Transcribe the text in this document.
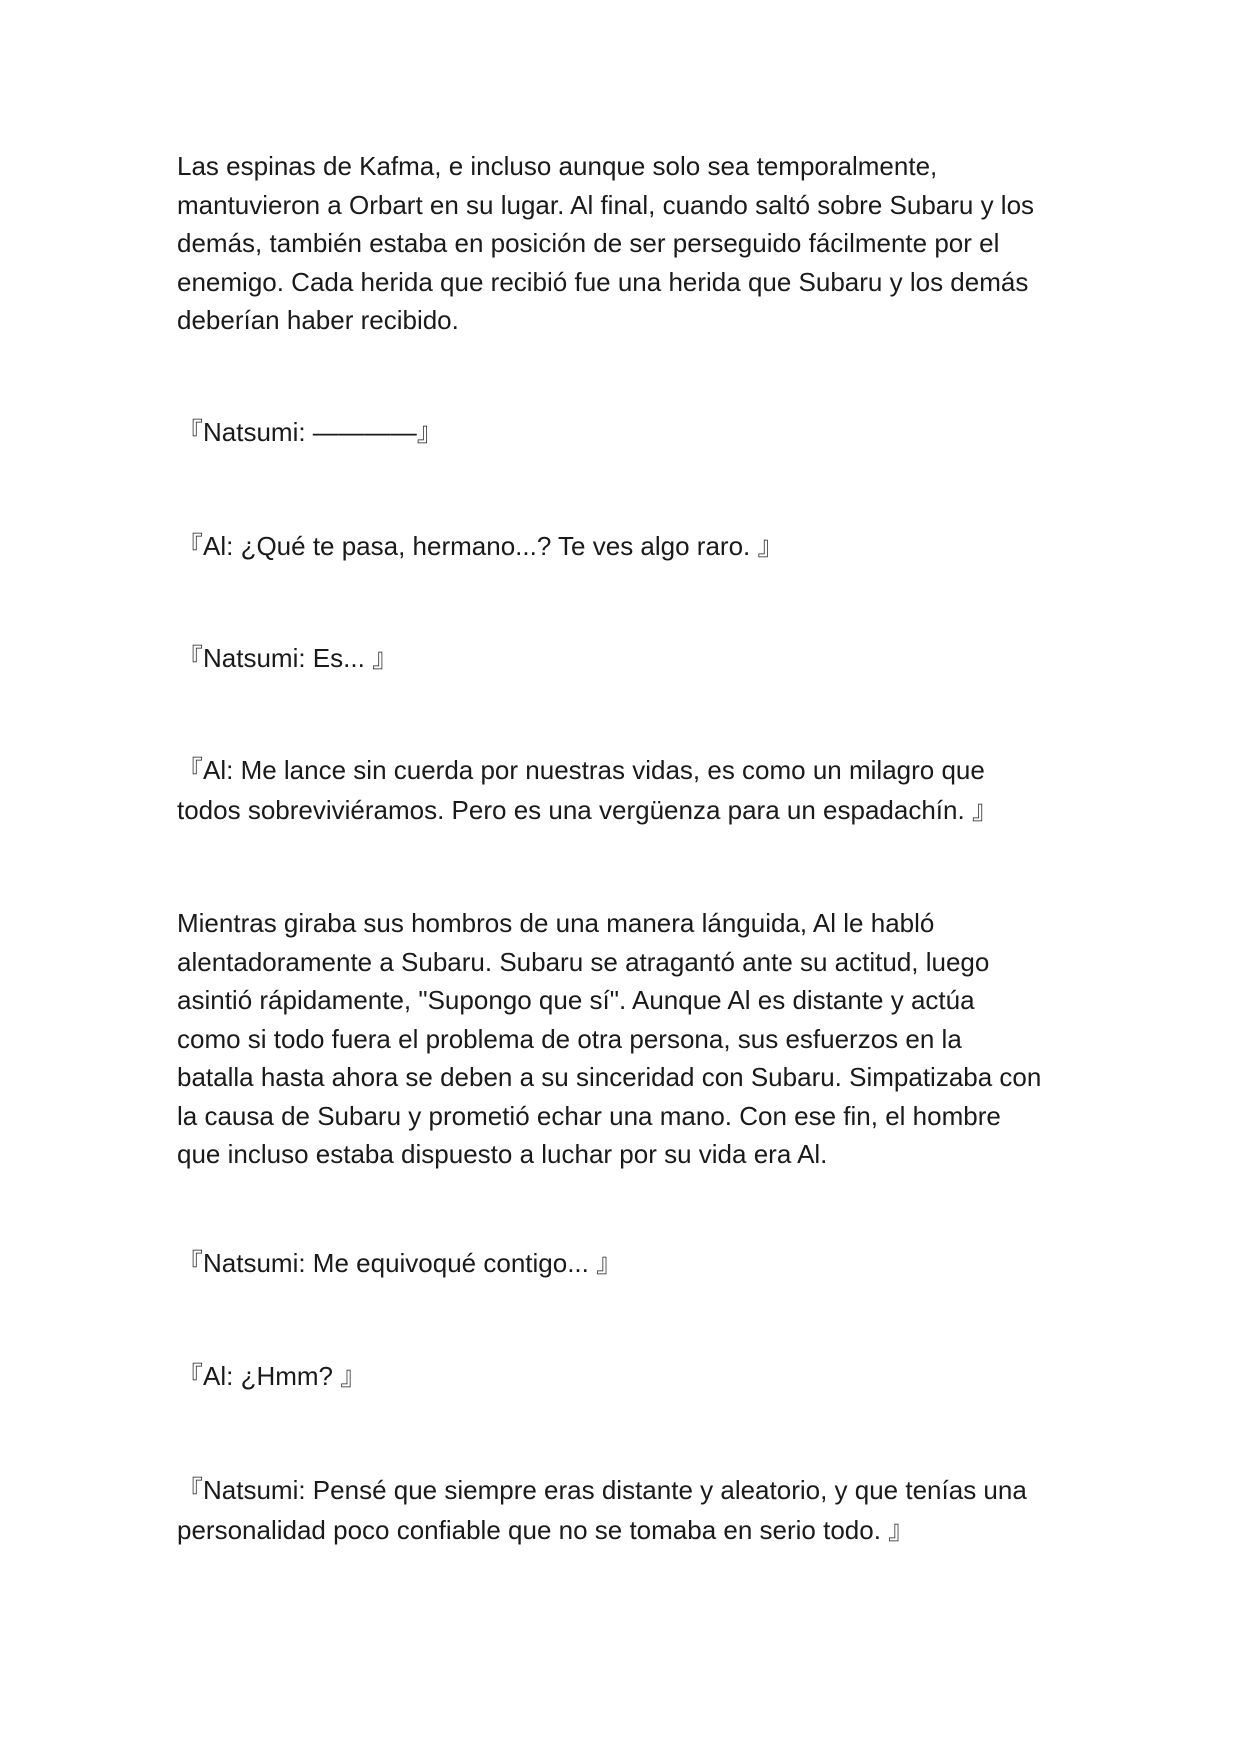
Las espinas de Kafma, e incluso aunque solo sea temporalmente,
mantuvieron a Orbart en su lugar. Al final, cuando saltó sobre Subaru y los
demás, también estaba en posición de ser perseguido fácilmente por el
enemigo. Cada herida que recibió fue una herida que Subaru y los demás
deberían haber recibido.
『Natsumi: ————』
『Al: ¿Qué te pasa, hermano...? Te ves algo raro. 』
『Natsumi: Es... 』
『Al: Me lance sin cuerda por nuestras vidas, es como un milagro que
todos sobreviviéramos. Pero es una vergüenza para un espadachín. 』
Mientras giraba sus hombros de una manera lánguida, Al le habló
alentadoramente a Subaru. Subaru se atragantó ante su actitud, luego
asintió rápidamente, "Supongo que sí". Aunque Al es distante y actúa
como si todo fuera el problema de otra persona, sus esfuerzos en la
batalla hasta ahora se deben a su sinceridad con Subaru. Simpatizaba con
la causa de Subaru y prometió echar una mano. Con ese fin, el hombre
que incluso estaba dispuesto a luchar por su vida era Al.
『Natsumi: Me equivoqué contigo... 』
『Al: ¿Hmm? 』
『Natsumi: Pensé que siempre eras distante y aleatorio, y que tenías una
personalidad poco confiable que no se tomaba en serio todo. 』
